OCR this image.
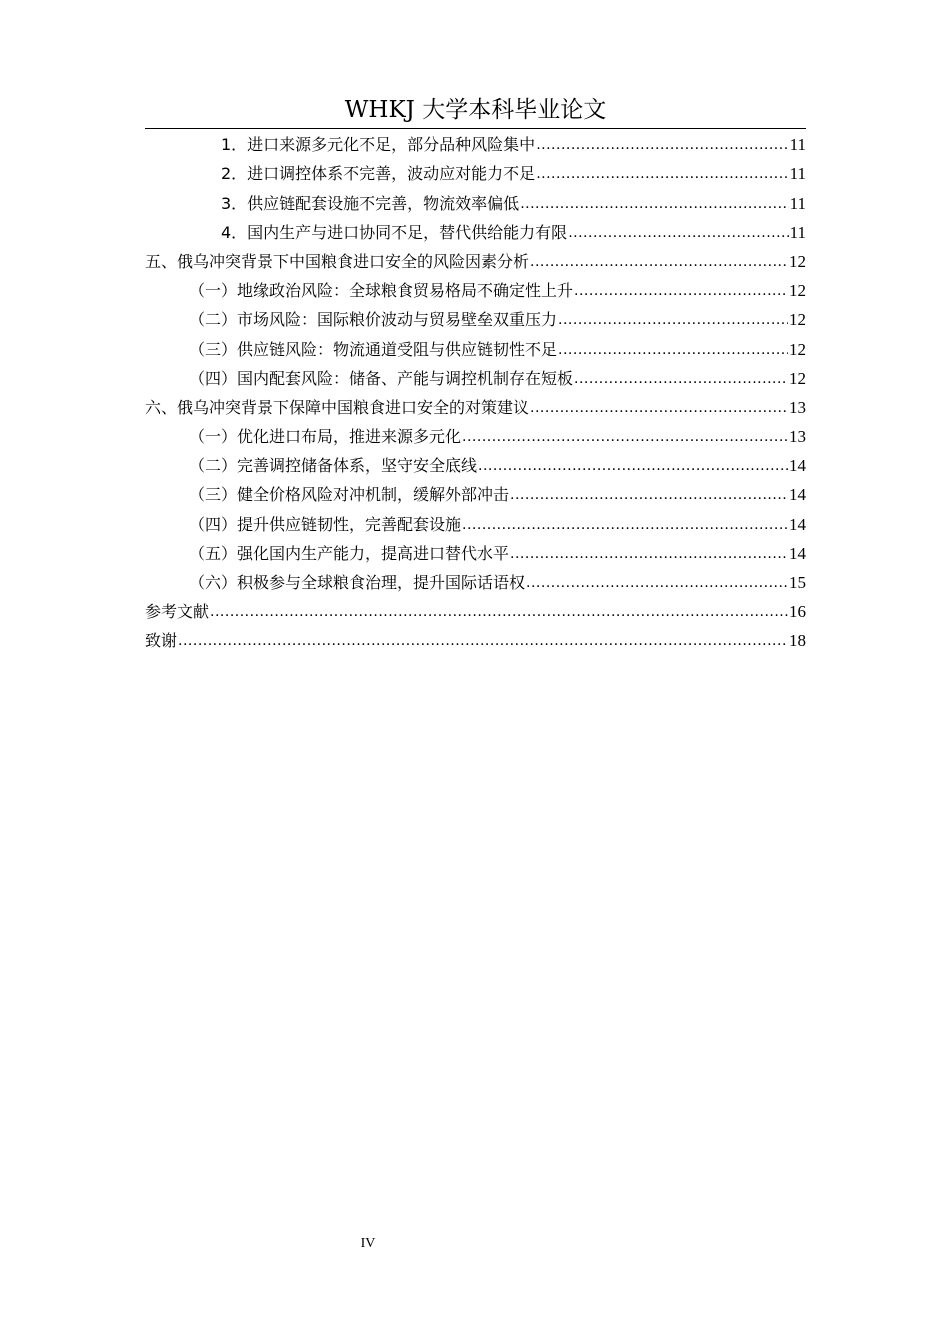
WHKJ 大学本科毕业论文
1．进口来源多元化不足，部分品种风险集中 .....	11
2．进口调控体系不完善，波动应对能力不足 .....	11
3．供应链配套设施不完善，物流效率偏低 .....	11
4．国内生产与进口协同不足，替代供给能力有限 .....	11
五、俄乌冲突背景下中国粮食进口安全的风险因素分析 .....	12
（一）地缘政治风险：全球粮食贸易格局不确定性上升 .....	12
（二）市场风险：国际粮价波动与贸易壁垒双重压力 .....	12
（三）供应链风险：物流通道受阻与供应链韧性不足 .....	12
（四）国内配套风险：储备、产能与调控机制存在短板 .....	12
六、俄乌冲突背景下保障中国粮食进口安全的对策建议 .....	13
（一）优化进口布局，推进来源多元化 .....	13
（二）完善调控储备体系，坚守安全底线 .....	14
（三）健全价格风险对冲机制，缓解外部冲击 .....	14
（四）提升供应链韧性，完善配套设施 .....	14
（五）强化国内生产能力，提高进口替代水平 .....	14
（六）积极参与全球粮食治理，提升国际话语权 .....	15
参考文献 .....	16
致谢 .....	18
IV
